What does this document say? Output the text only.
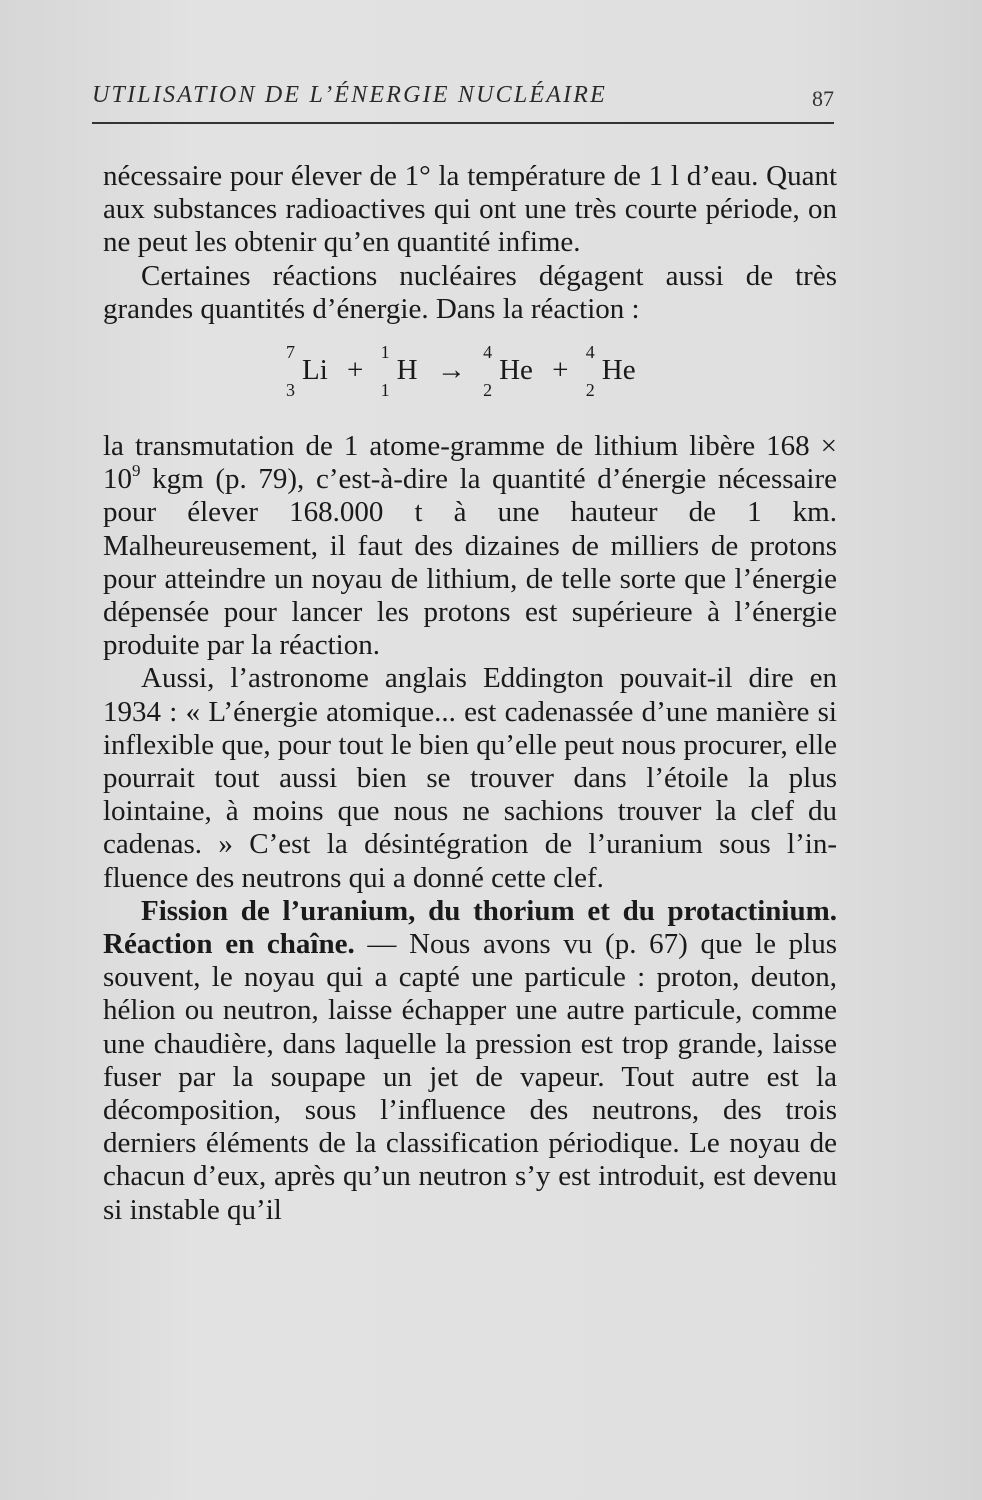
UTILISATION DE L’ÉNERGIE NUCLÉAIRE	87

nécessaire pour élever de 1° la température de 1 l d’eau. Quant aux substances radioactives qui ont une très courte période, on ne peut les obtenir qu’en quantité infime.

Certaines réactions nucléaires dégagent aussi de très grandes quantités d’énergie. Dans la réaction :

7
3
Li +
1
1
H →
4
2
He +
4
2
He

la transmutation de 1 atome-gramme de lithium libère $168 \times 10^9$ kgm (p. 79), c’est-à-dire la quantité d’énergie nécessaire pour élever 168.000 t à une hauteur de 1 km. Malheureusement, il faut des dizaines de milliers de protons pour atteindre un noyau de lithium, de telle sorte que l’énergie dépensée pour lancer les protons est supérieure à l’énergie produite par la réaction.

Aussi, l’astronome anglais Eddington pouvait-il dire en 1934 : « L’énergie atomique... est cadenassée d’une manière si inflexible que, pour tout le bien qu’elle peut nous procurer, elle pourrait tout aussi bien se trouver dans l’étoile la plus lointaine, à moins que nous ne sachions trouver la clef du cadenas. » C’est la désintégration de l’uranium sous l’influence des neutrons qui a donné cette clef.

Fission de l’uranium, du thorium et du protactinium. Réaction en chaîne. — Nous avons vu (p. 67) que le plus souvent, le noyau qui a capté une particule : proton, deuton, hélion ou neutron, laisse échapper une autre particule, comme une chaudière, dans laquelle la pression est trop grande, laisse fuser par la soupape un jet de vapeur. Tout autre est la décomposition, sous l’influence des neutrons, des trois derniers éléments de la classification périodique. Le noyau de chacun d’eux, après qu’un neutron s’y est introduit, est devenu si instable qu’il
